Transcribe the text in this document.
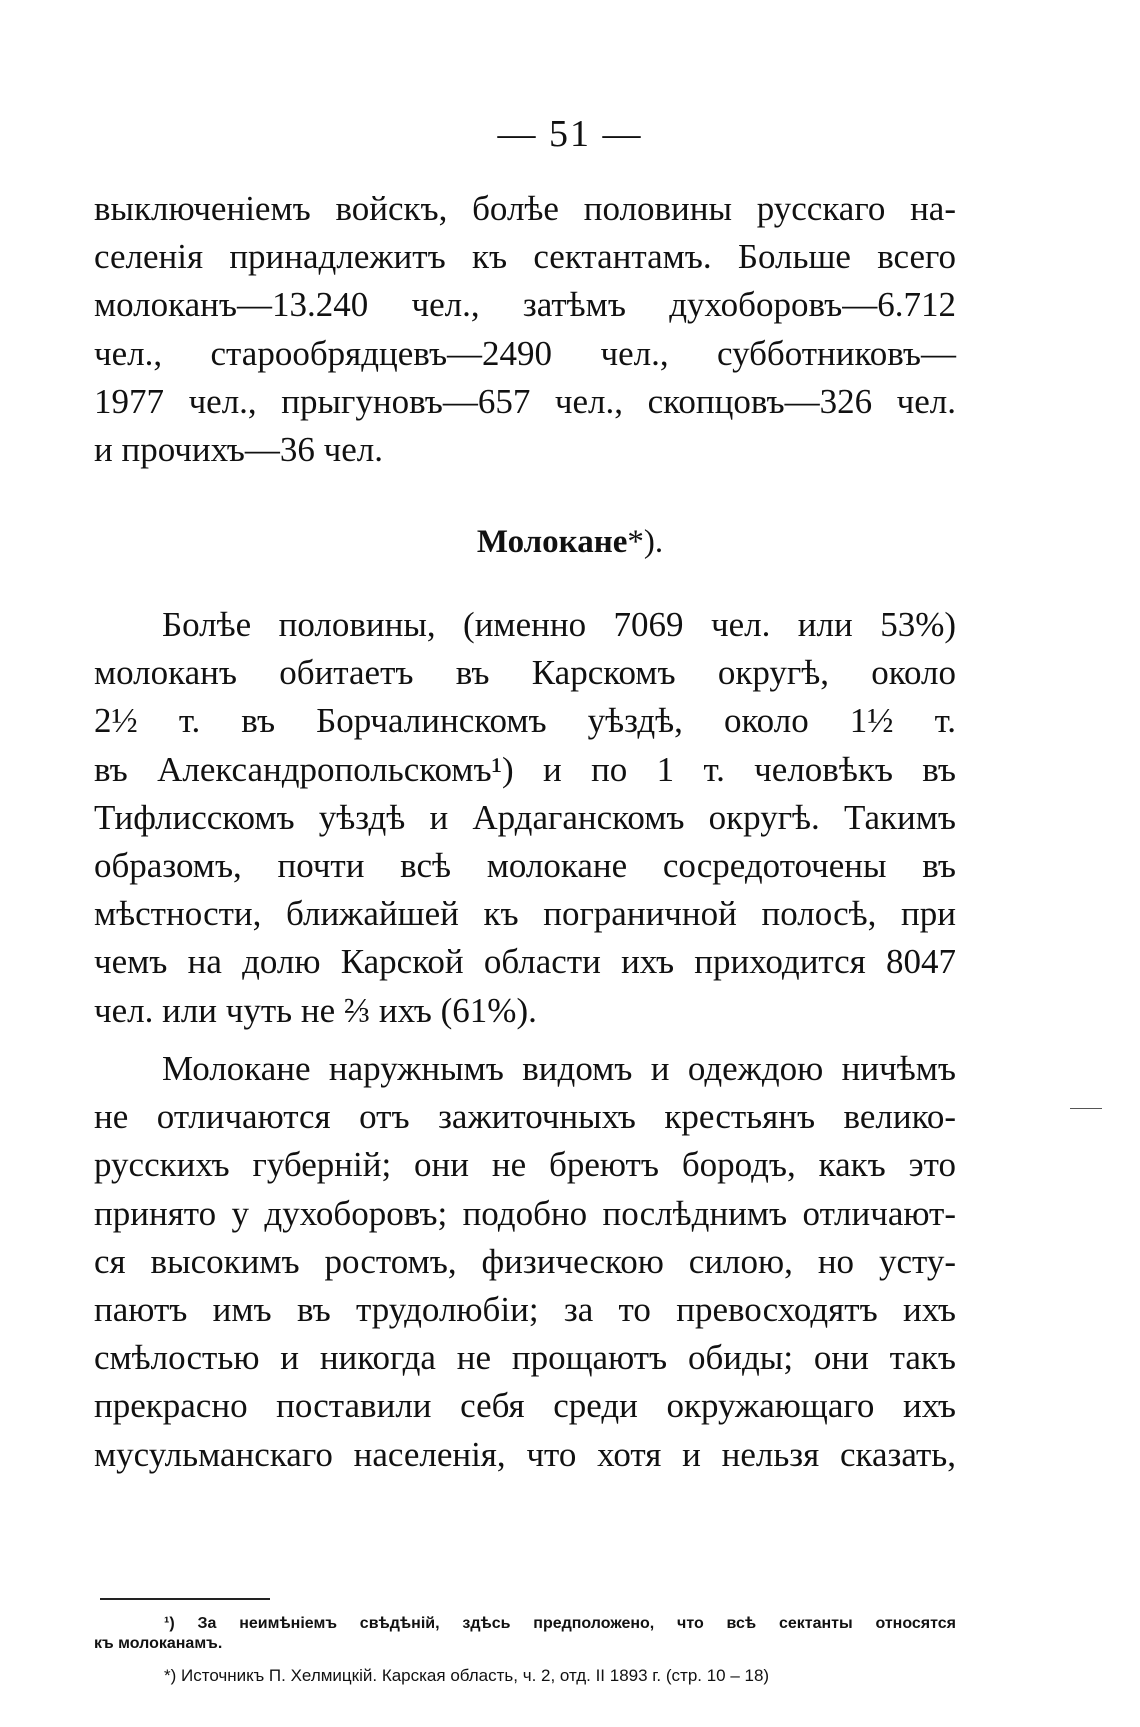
— 51 —
выключеніемъ войскъ, болѣе половины русскаго на-
селенія принадлежитъ къ сектантамъ. Больше всего
молоканъ—13.240 чел., затѣмъ духоборовъ—6.712
чел., старообрядцевъ—2490 чел., субботниковъ—
1977 чел., прыгуновъ—657 чел., скопцовъ—326 чел.
и прочихъ—36 чел.
Молокане*).
Болѣе половины, (именно 7069 чел. или 53%)
молоканъ обитаетъ въ Карскомъ округѣ, около
2½ т. въ Борчалинскомъ уѣздѣ, около 1½ т.
въ Александропольскомъ¹) и по 1 т. человѣкъ въ
Тифлисскомъ уѣздѣ и Ардаганскомъ округѣ. Такимъ
образомъ, почти всѣ молокане сосредоточены въ
мѣстности, ближайшей къ пограничной полосѣ, при
чемъ на долю Карской области ихъ приходится 8047
чел. или чуть не ⅔ ихъ (61%).
Молокане наружнымъ видомъ и одеждою ничѣмъ
не отличаются отъ зажиточныхъ крестьянъ велико-
русскихъ губерній; они не бреютъ бородъ, какъ это
принято у духоборовъ; подобно послѣднимъ отличают-
ся высокимъ ростомъ, физическою силою, но усту-
паютъ имъ въ трудолюбіи; за то превосходятъ ихъ
смѣлостью и никогда не прощаютъ обиды; они такъ
прекрасно поставили себя среди окружающаго ихъ
мусульманскаго населенія, что хотя и нельзя сказать,
¹) За неимѣніемъ свѣдѣній, здѣсь предположено, что всѣ сектанты относятся
къ молоканамъ.
*) Источникъ П. Хелмицкій. Карская область, ч. 2, отд. II 1893 г. (стр. 10 – 18)
